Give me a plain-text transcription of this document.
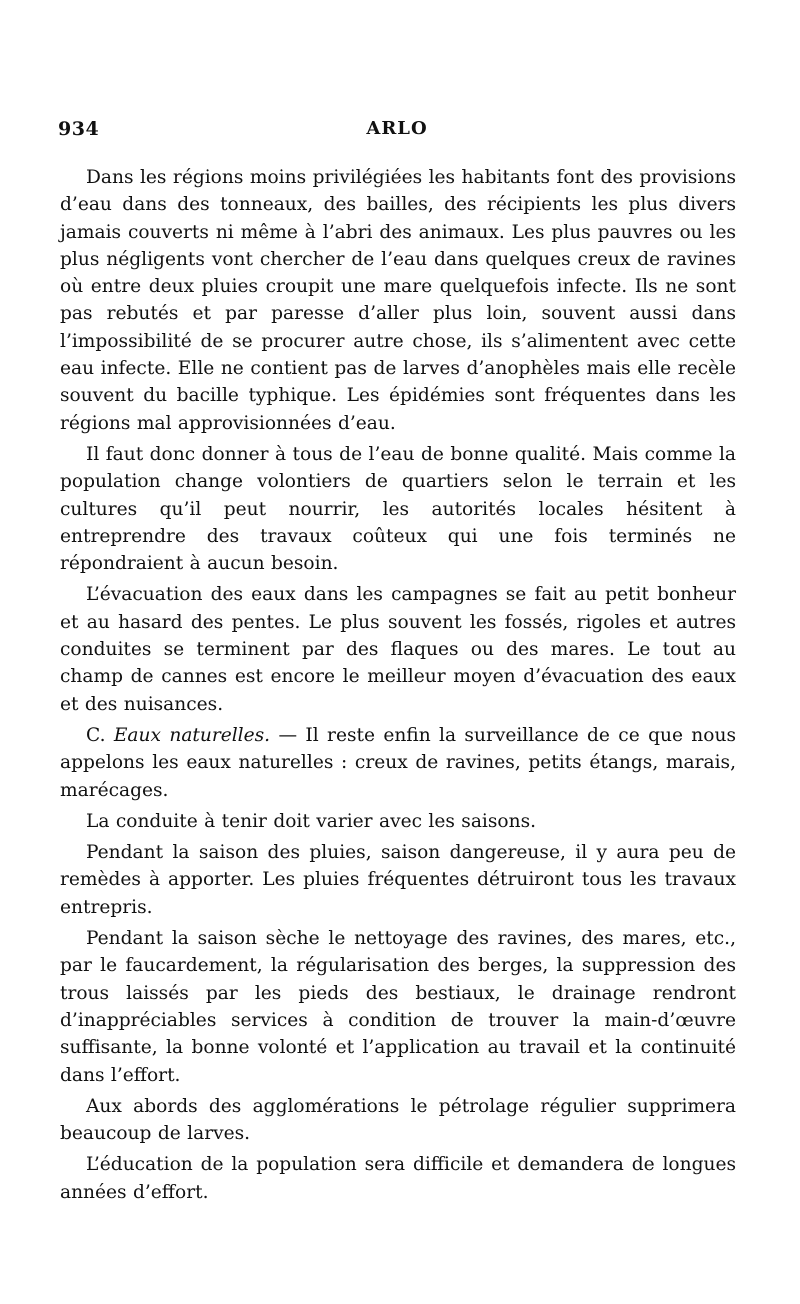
934	ARLO

Dans les régions moins privilégiées les habitants font des provisions d’eau dans des tonneaux, des bailles, des récipients les plus divers jamais couverts ni même à l’abri des animaux. Les plus pauvres ou les plus négligents vont chercher de l’eau dans quelques creux de ravines où entre deux pluies croupit une mare quelquefois infecte. Ils ne sont pas rebutés et par paresse d’aller plus loin, souvent aussi dans l’impossibilité de se procurer autre chose, ils s’alimentent avec cette eau infecte. Elle ne contient pas de larves d’anophèles mais elle recèle souvent du bacille typhique. Les épidémies sont fréquentes dans les régions mal approvisionnées d’eau.

Il faut donc donner à tous de l’eau de bonne qualité. Mais comme la population change volontiers de quartiers selon le terrain et les cultures qu’il peut nourrir, les autorités locales hésitent à entreprendre des travaux coûteux qui une fois terminés ne répondraient à aucun besoin.

L’évacuation des eaux dans les campagnes se fait au petit bonheur et au hasard des pentes. Le plus souvent les fossés, rigoles et autres conduites se terminent par des flaques ou des mares. Le tout au champ de cannes est encore le meilleur moyen d’évacuation des eaux et des nuisances.

C. Eaux naturelles. — Il reste enfin la surveillance de ce que nous appelons les eaux naturelles : creux de ravines, petits étangs, marais, marécages.

La conduite à tenir doit varier avec les saisons.

Pendant la saison des pluies, saison dangereuse, il y aura peu de remèdes à apporter. Les pluies fréquentes détruiront tous les travaux entrepris.

Pendant la saison sèche le nettoyage des ravines, des mares, etc., par le faucardement, la régularisation des berges, la suppression des trous laissés par les pieds des bestiaux, le drainage rendront d’inappréciables services à condition de trouver la main-d’œuvre suffisante, la bonne volonté et l’application au travail et la continuité dans l’effort.

Aux abords des agglomérations le pétrolage régulier supprimera beaucoup de larves.

L’éducation de la population sera difficile et demandera de longues années d’effort.
